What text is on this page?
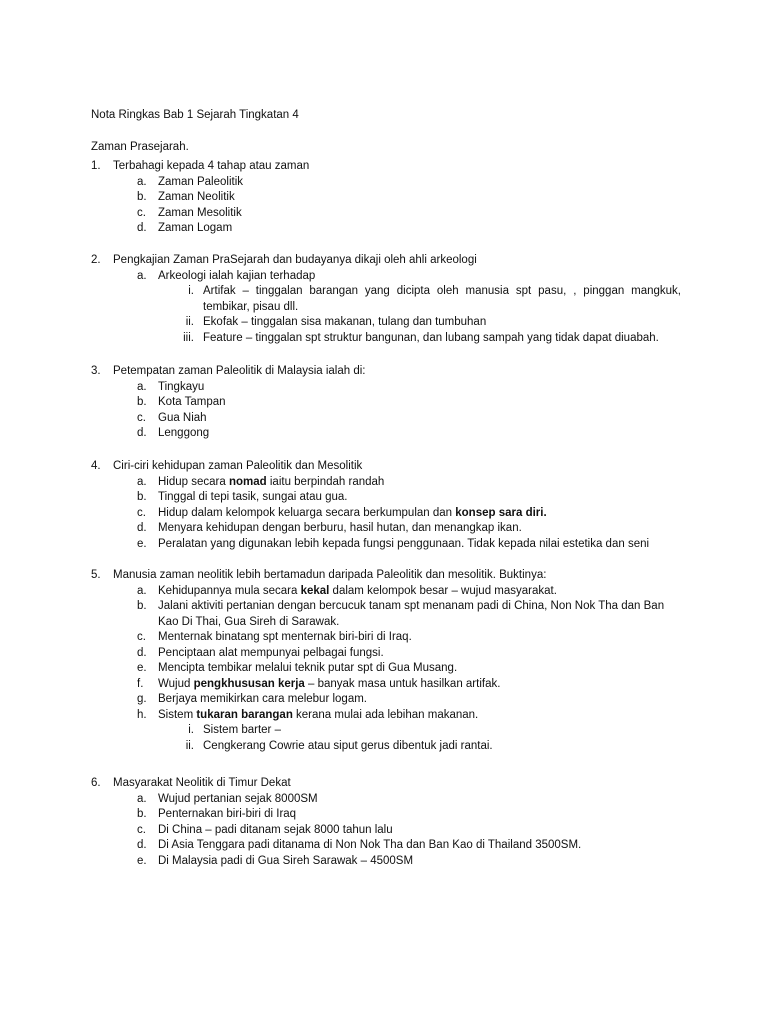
Nota Ringkas Bab 1 Sejarah Tingkatan 4
Zaman Prasejarah.
1.	Terbahagi kepada 4 tahap atau zaman
a. Zaman Paleolitik
b. Zaman Neolitik
c.	Zaman Mesolitik
d. Zaman Logam
2.	Pengkajian Zaman PraSejarah dan budayanya dikaji oleh ahli arkeologi
a. Arkeologi ialah kajian terhadap
i. Artifak – tinggalan barangan yang dicipta oleh manusia spt pasu, , pinggan mangkuk, tembikar, pisau dll.
ii. Ekofak – tinggalan sisa makanan, tulang dan tumbuhan
iii. Feature – tinggalan spt struktur bangunan, dan lubang sampah yang tidak dapat diuabah.
3.	Petempatan zaman Paleolitik di Malaysia ialah di:
a. Tingkayu
b. Kota Tampan
c.	Gua Niah
d. Lenggong
4.	Ciri-ciri kehidupan zaman Paleolitik dan Mesolitik
a. Hidup secara nomad iaitu berpindah randah
b. Tinggal di tepi tasik, sungai atau gua.
c.	Hidup dalam kelompok keluarga secara berkumpulan dan konsep sara diri.
d. Menyara kehidupan dengan berburu, hasil hutan, dan menangkap ikan.
e. Peralatan yang digunakan lebih kepada fungsi penggunaan. Tidak kepada nilai estetika dan seni
5.	Manusia zaman neolitik lebih bertamadun daripada Paleolitik dan mesolitik. Buktinya:
a. Kehidupannya mula secara kekal dalam kelompok besar – wujud masyarakat.
b. Jalani aktiviti pertanian dengan bercucuk tanam spt menanam padi di China, Non Nok Tha dan Ban Kao Di Thai, Gua Sireh di Sarawak.
c.	Menternak binatang spt menternak biri-biri di Iraq.
d. Penciptaan alat mempunyai pelbagai fungsi.
e. Mencipta tembikar melalui teknik putar spt di Gua Musang.
f.	Wujud pengkhususan kerja – banyak masa untuk hasilkan artifak.
g. Berjaya memikirkan cara melebur logam.
h. Sistem tukaran barangan kerana mulai ada lebihan makanan.
i. Sistem barter –
ii. Cengkerang Cowrie atau siput gerus dibentuk jadi rantai.
6.	Masyarakat Neolitik di Timur Dekat
a. Wujud pertanian sejak 8000SM
b. Penternakan biri-biri di Iraq
c.	Di China – padi ditanam sejak 8000 tahun lalu
d. Di Asia Tenggara padi ditanama di Non Nok Tha dan Ban Kao di Thailand 3500SM.
e. Di Malaysia padi di Gua Sireh Sarawak – 4500SM
